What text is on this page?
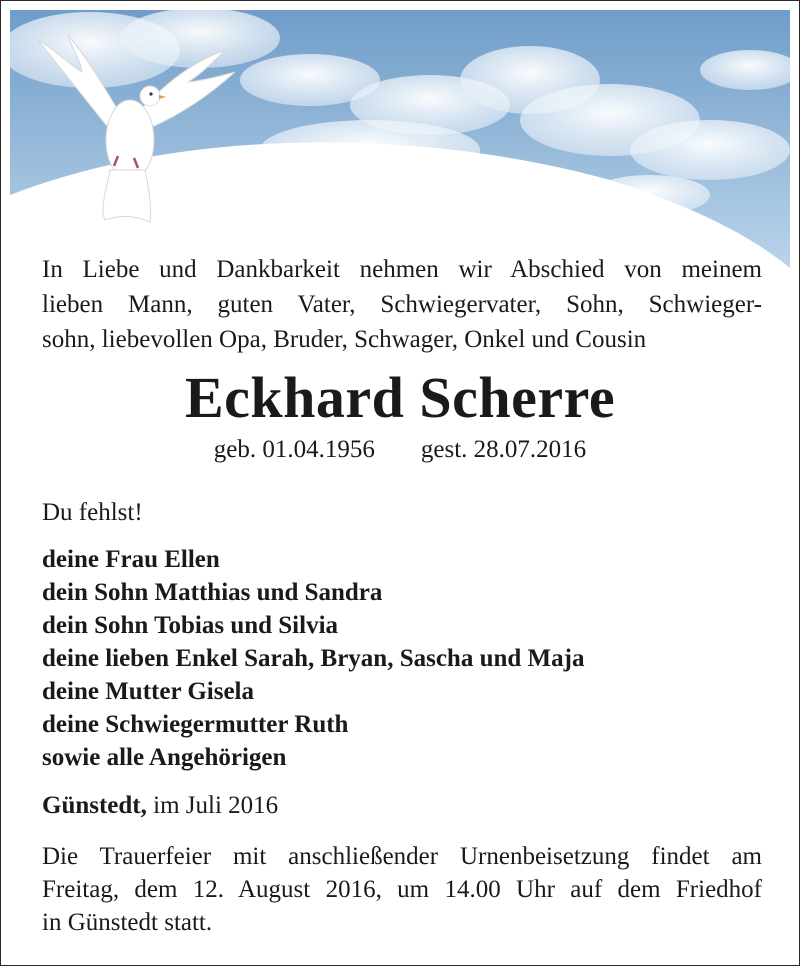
In Liebe und Dankbarkeit nehmen wir Abschied von meinem
lieben Mann, guten Vater, Schwiegervater, Sohn, Schwieger-
sohn, liebevollen Opa, Bruder, Schwager, Onkel und Cousin
Eckhard Scherre
geb. 01.04.1956 gest. 28.07.2016
Du fehlst!
deine Frau Ellen
dein Sohn Matthias und Sandra
dein Sohn Tobias und Silvia
deine lieben Enkel Sarah, Bryan, Sascha und Maja
deine Mutter Gisela
deine Schwiegermutter Ruth
sowie alle Angehörigen
Günstedt, im Juli 2016
Die Trauerfeier mit anschließender Urnenbeisetzung findet am
Freitag, dem 12. August 2016, um 14.00 Uhr auf dem Friedhof
in Günstedt statt.
